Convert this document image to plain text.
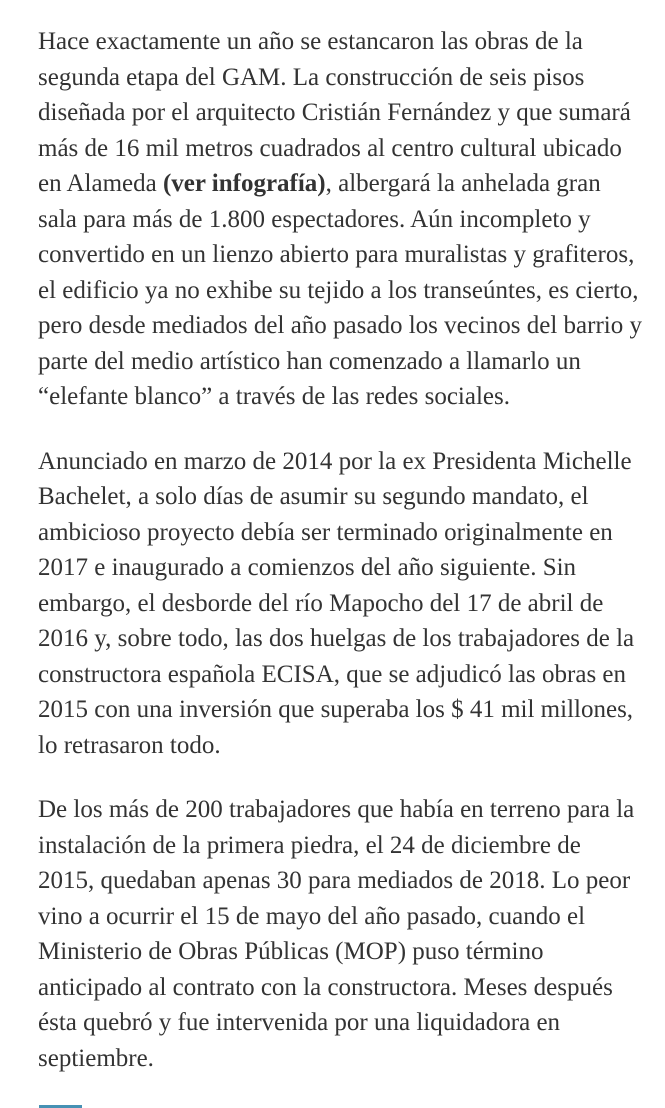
Hace exactamente un año se estancaron las obras de la segunda etapa del GAM. La construcción de seis pisos diseñada por el arquitecto Cristián Fernández y que sumará más de 16 mil metros cuadrados al centro cultural ubicado en Alameda (ver infografía), albergará la anhelada gran sala para más de 1.800 espectadores. Aún incompleto y convertido en un lienzo abierto para muralistas y grafiteros, el edificio ya no exhibe su tejido a los transeúntes, es cierto, pero desde mediados del año pasado los vecinos del barrio y parte del medio artístico han comenzado a llamarlo un “elefante blanco” a través de las redes sociales.

Anunciado en marzo de 2014 por la ex Presidenta Michelle Bachelet, a solo días de asumir su segundo mandato, el ambicioso proyecto debía ser terminado originalmente en 2017 e inaugurado a comienzos del año siguiente. Sin embargo, el desborde del río Mapocho del 17 de abril de 2016 y, sobre todo, las dos huelgas de los trabajadores de la constructora española ECISA, que se adjudicó las obras en 2015 con una inversión que superaba los $ 41 mil millones, lo retrasaron todo.

De los más de 200 trabajadores que había en terreno para la instalación de la primera piedra, el 24 de diciembre de 2015, quedaban apenas 30 para mediados de 2018. Lo peor vino a ocurrir el 15 de mayo del año pasado, cuando el Ministerio de Obras Públicas (MOP) puso término anticipado al contrato con la constructora. Meses después ésta quebró y fue intervenida por una liquidadora en septiembre.
